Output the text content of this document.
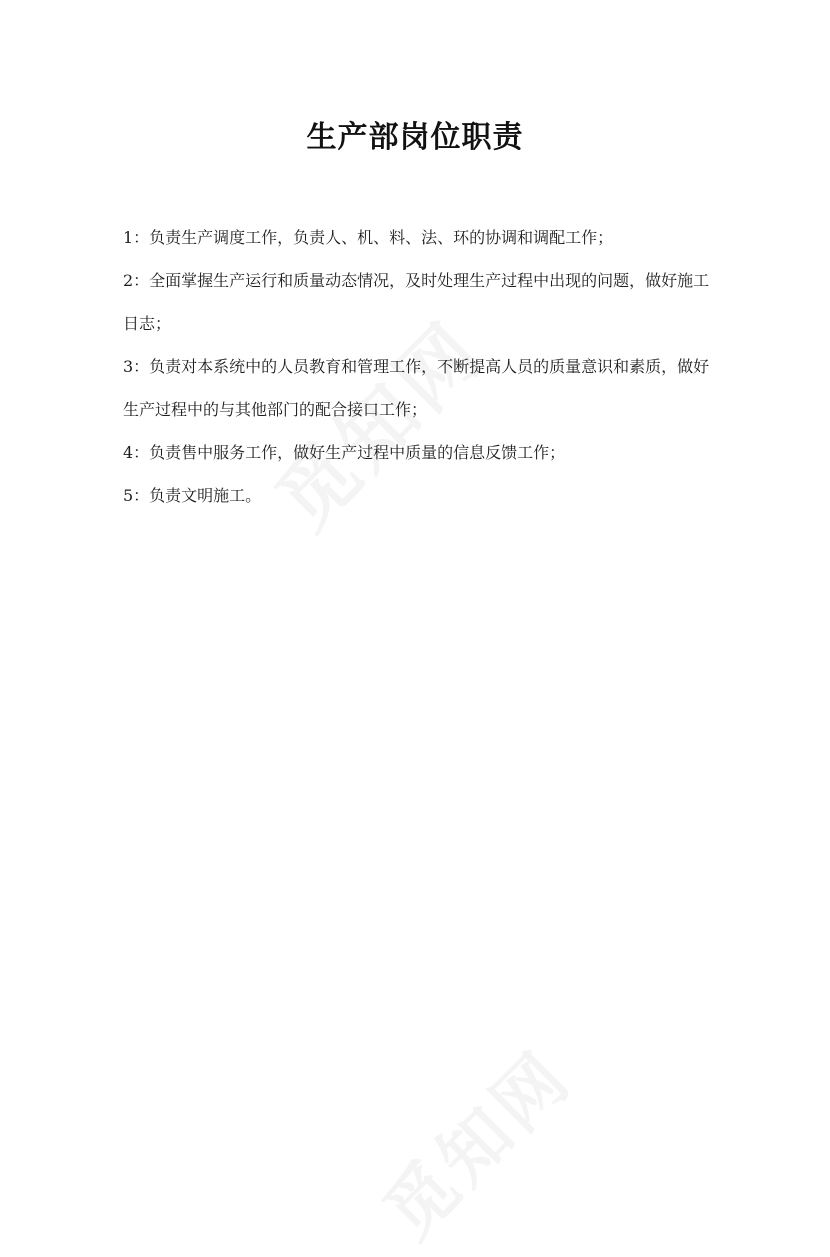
生产部岗位职责

1：负责生产调度工作，负责人、机、料、法、环的协调和调配工作；

2：全面掌握生产运行和质量动态情况，及时处理生产过程中出现的问题，做好施工日志；

3：负责对本系统中的人员教育和管理工作，不断提高人员的质量意识和素质，做好生产过程中的与其他部门的配合接口工作；

4：负责售中服务工作，做好生产过程中质量的信息反馈工作；

5：负责文明施工。
